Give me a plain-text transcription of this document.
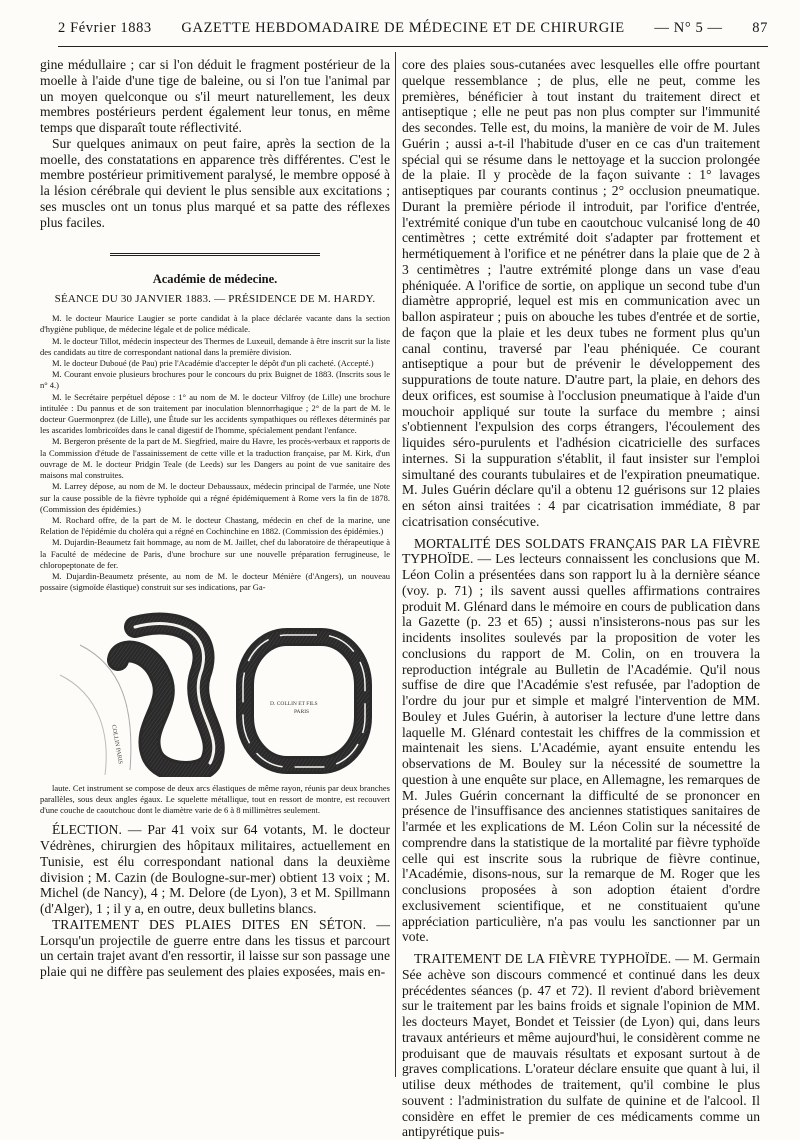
2 Février 1883 GAZETTE HEBDOMADAIRE DE MÉDECINE ET DE CHIRURGIE — N° 5 — 87

gine médullaire ; car si l'on déduit le fragment postérieur de la moelle à l'aide d'une tige de baleine, ou si l'on tue l'animal par un moyen quelconque ou s'il meurt naturellement, les deux membres postérieurs perdent également leur tonus, en même temps que disparaît toute réflectivité.

Sur quelques animaux on peut faire, après la section de la moelle, des constatations en apparence très différentes. C'est le membre postérieur primitivement paralysé, le membre opposé à la lésion cérébrale qui devient le plus sensible aux excitations ; ses muscles ont un tonus plus marqué et sa patte des réflexes plus faciles.

Académie de médecine.
SÉANCE DU 30 JANVIER 1883. — PRÉSIDENCE DE M. HARDY.

M. le docteur Maurice Laugier se porte candidat à la place déclarée vacante dans la section d'hygiène publique, de médecine légale et de police médicale.

M. le docteur Tillot, médecin inspecteur des Thermes de Luxeuil, demande à être inscrit sur la liste des candidats au titre de correspondant national dans la première division.

M. le docteur Duboué (de Pau) prie l'Académie d'accepter le dépôt d'un pli cacheté. (Accepté.)

M. Courant envoie plusieurs brochures pour le concours du prix Buignet de 1883. (Inscrits sous le n° 4.)

M. le Secrétaire perpétuel dépose : 1° au nom de M. le docteur Vilfroy (de Lille) une brochure intitulée : Du pannus et de son traitement par inoculation blennorrhagique ; 2° de la part de M. le docteur Guermonprez (de Lille), une Étude sur les accidents sympathiques ou réflexes déterminés par les ascarides lombricoïdes dans le canal digestif de l'homme, spécialement pendant l'enfance.

M. Bergeron présente de la part de M. Siegfried, maire du Havre, les procès-verbaux et rapports de la Commission d'étude de l'assainissement de cette ville et la traduction française, par M. Kirk, d'un ouvrage de M. le docteur Pridgin Teale (de Leeds) sur les Dangers au point de vue sanitaire des maisons mal construites.

M. Larrey dépose, au nom de M. le docteur Debaussaux, médecin principal de l'armée, une Note sur la cause possible de la fièvre typhoïde qui a régné épidémiquement à Rome vers la fin de 1878. (Commission des épidémies.)

M. Rochard offre, de la part de M. le docteur Chastang, médecin en chef de la marine, une Relation de l'épidémie du choléra qui a régné en Cochinchine en 1882. (Commission des épidémies.)

M. Dujardin-Beaumetz fait hommage, au nom de M. Jaillet, chef du laboratoire de thérapeutique à la Faculté de médecine de Paris, d'une brochure sur une nouvelle préparation ferrugineuse, le chloropeptonate de fer.

M. Dujardin-Beaumetz présente, au nom de M. le docteur Ménière (d'Angers), un nouveau possaire (sigmoïde élastique) construit sur ses indications, par Ga-

COLLIN PARIS
D. COLLIN ET FILS
PARIS

laute. Cet instrument se compose de deux arcs élastiques de même rayon, réunis par deux branches parallèles, sous deux angles égaux. Le squelette métallique, tout en ressort de montre, est recouvert d'une couche de caoutchouc dont le diamètre varie de 6 à 8 millimètres seulement.

ÉLECTION. — Par 41 voix sur 64 votants, M. le docteur Védrènes, chirurgien des hôpitaux militaires, actuellement en Tunisie, est élu correspondant national dans la deuxième division ; M. Cazin (de Boulogne-sur-mer) obtient 13 voix ; M. Michel (de Nancy), 4 ; M. Delore (de Lyon), 3 et M. Spillmann (d'Alger), 1 ; il y a, en outre, deux bulletins blancs.

TRAITEMENT DES PLAIES DITES EN SÉTON. — Lorsqu'un projectile de guerre entre dans les tissus et parcourt un certain trajet avant d'en ressortir, il laisse sur son passage une plaie qui ne diffère pas seulement des plaies exposées, mais en-

core des plaies sous-cutanées avec lesquelles elle offre pourtant quelque ressemblance ; de plus, elle ne peut, comme les premières, bénéficier à tout instant du traitement direct et antiseptique ; elle ne peut pas non plus compter sur l'immunité des secondes. Telle est, du moins, la manière de voir de M. Jules Guérin ; aussi a-t-il l'habitude d'user en ce cas d'un traitement spécial qui se résume dans le nettoyage et la succion prolongée de la plaie. Il y procède de la façon suivante : 1° lavages antiseptiques par courants continus ; 2° occlusion pneumatique. Durant la première période il introduit, par l'orifice d'entrée, l'extrémité conique d'un tube en caoutchouc vulcanisé long de 40 centimètres ; cette extrémité doit s'adapter par frottement et hermétiquement à l'orifice et ne pénétrer dans la plaie que de 2 à 3 centimètres ; l'autre extrémité plonge dans un vase d'eau phéniquée. A l'orifice de sortie, on applique un second tube d'un diamètre approprié, lequel est mis en communication avec un ballon aspirateur ; puis on abouche les tubes d'entrée et de sortie, de façon que la plaie et les deux tubes ne forment plus qu'un canal continu, traversé par l'eau phéniquée. Ce courant antiseptique a pour but de prévenir le développement des suppurations de toute nature. D'autre part, la plaie, en dehors des deux orifices, est soumise à l'occlusion pneumatique à l'aide d'un mouchoir appliqué sur toute la surface du membre ; ainsi s'obtiennent l'expulsion des corps étrangers, l'écoulement des liquides séro-purulents et l'adhésion cicatricielle des surfaces internes. Si la suppuration s'établit, il faut insister sur l'emploi simultané des courants tubulaires et de l'expiration pneumatique. M. Jules Guérin déclare qu'il a obtenu 12 guérisons sur 12 plaies en séton ainsi traitées : 4 par cicatrisation immédiate, 8 par cicatrisation consécutive.

MORTALITÉ DES SOLDATS FRANÇAIS PAR LA FIÈVRE TYPHOÏDE. — Les lecteurs connaissent les conclusions que M. Léon Colin a présentées dans son rapport lu à la dernière séance (voy. p. 71) ; ils savent aussi quelles affirmations contraires produit M. Glénard dans le mémoire en cours de publication dans la Gazette (p. 23 et 65) ; aussi n'insisterons-nous pas sur les incidents insolites soulevés par la proposition de voter les conclusions du rapport de M. Colin, on en trouvera la reproduction intégrale au Bulletin de l'Académie. Qu'il nous suffise de dire que l'Académie s'est refusée, par l'adoption de l'ordre du jour pur et simple et malgré l'intervention de MM. Bouley et Jules Guérin, à autoriser la lecture d'une lettre dans laquelle M. Glénard contestait les chiffres de la commission et maintenait les siens. L'Académie, ayant ensuite entendu les observations de M. Bouley sur la nécessité de soumettre la question à une enquête sur place, en Allemagne, les remarques de M. Jules Guérin concernant la difficulté de se prononcer en présence de l'insuffisance des anciennes statistiques sanitaires de l'armée et les explications de M. Léon Colin sur la nécessité de comprendre dans la statistique de la mortalité par fièvre typhoïde celle qui est inscrite sous la rubrique de fièvre continue, l'Académie, disons-nous, sur la remarque de M. Roger que les conclusions proposées à son adoption étaient d'ordre exclusivement scientifique, et ne constituaient qu'une appréciation particulière, n'a pas voulu les sanctionner par un vote.

TRAITEMENT DE LA FIÈVRE TYPHOÏDE. — M. Germain Sée achève son discours commencé et continué dans les deux précédentes séances (p. 47 et 72). Il revient d'abord brièvement sur le traitement par les bains froids et signale l'opinion de MM. les docteurs Mayet, Bondet et Teissier (de Lyon) qui, dans leurs travaux antérieurs et même aujourd'hui, le considèrent comme ne produisant que de mauvais résultats et exposant surtout à de graves complications. L'orateur déclare ensuite que quant à lui, il utilise deux méthodes de traitement, qu'il combine le plus souvent : l'administration du sulfate de quinine et de l'alcool. Il considère en effet le premier de ces médicaments comme un antipyrétique puis-
